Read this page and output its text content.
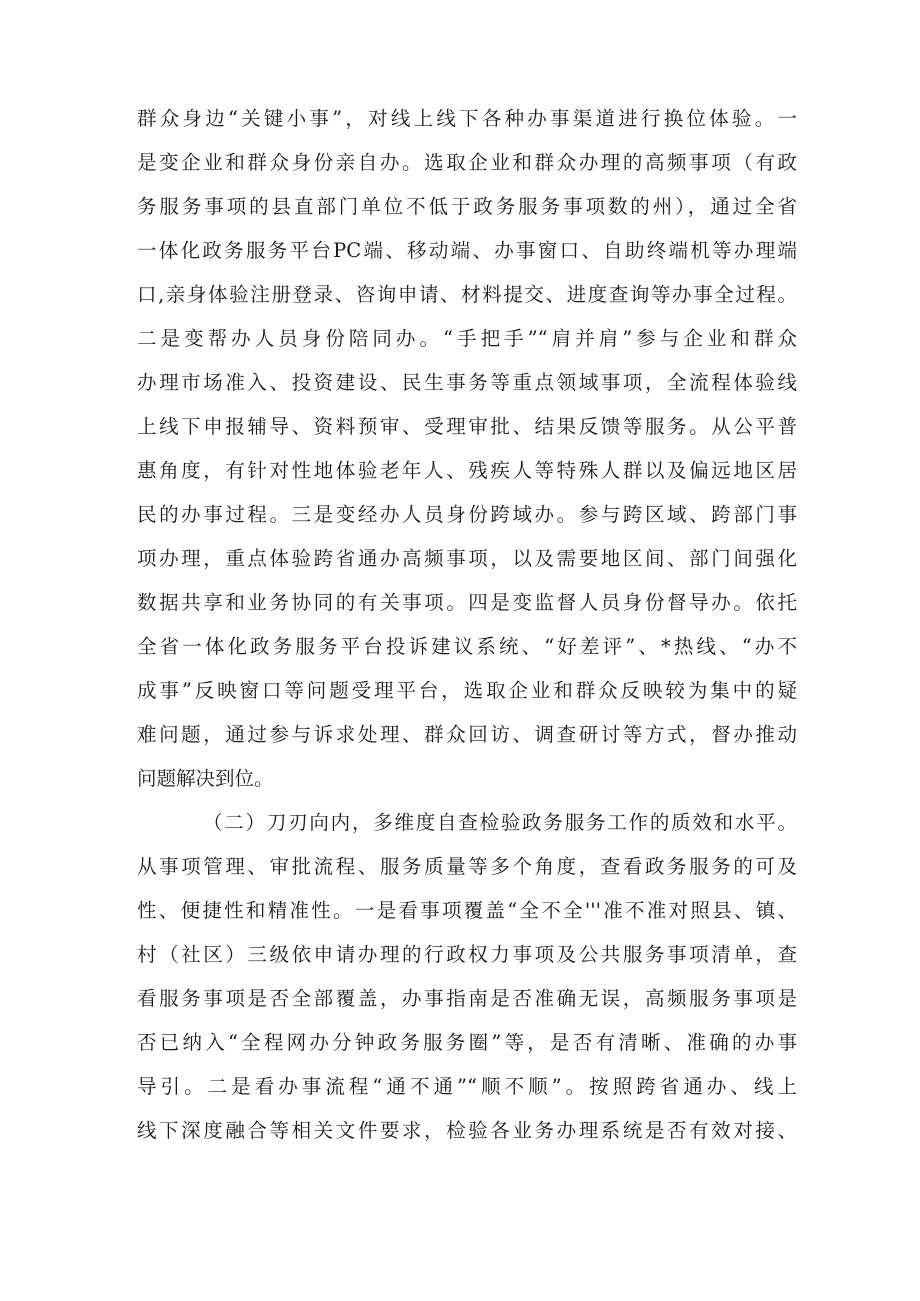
群众身边“关键小事”，对线上线下各种办事渠道进行换位体验。一
是变企业和群众身份亲自办。选取企业和群众办理的高频事项（有政
务服务事项的县直部门单位不低于政务服务事项数的州），通过全省
一体化政务服务平台PC端、移动端、办事窗口、自助终端机等办理端
口,亲身体验注册登录、咨询申请、材料提交、进度查询等办事全过程。
二是变帮办人员身份陪同办。“手把手”“肩并肩”参与企业和群众
办理市场准入、投资建设、民生事务等重点领域事项，全流程体验线
上线下申报辅导、资料预审、受理审批、结果反馈等服务。从公平普
惠角度，有针对性地体验老年人、残疾人等特殊人群以及偏远地区居
民的办事过程。三是变经办人员身份跨域办。参与跨区域、跨部门事
项办理，重点体验跨省通办高频事项，以及需要地区间、部门间强化
数据共享和业务协同的有关事项。四是变监督人员身份督导办。依托
全省一体化政务服务平台投诉建议系统、“好差评”、*热线、“办不
成事”反映窗口等问题受理平台，选取企业和群众反映较为集中的疑
难问题，通过参与诉求处理、群众回访、调查研讨等方式，督办推动
问题解决到位。
（二）刀刃向内，多维度自查检验政务服务工作的质效和水平。
从事项管理、审批流程、服务质量等多个角度，查看政务服务的可及
性、便捷性和精准性。一是看事项覆盖“全不全'''准不准对照县、镇、
村（社区）三级依申请办理的行政权力事项及公共服务事项清单，查
看服务事项是否全部覆盖，办事指南是否准确无误，高频服务事项是
否已纳入“全程网办分钟政务服务圈”等，是否有清晰、准确的办事
导引。二是看办事流程“通不通”“顺不顺”。按照跨省通办、线上
线下深度融合等相关文件要求，检验各业务办理系统是否有效对接、
